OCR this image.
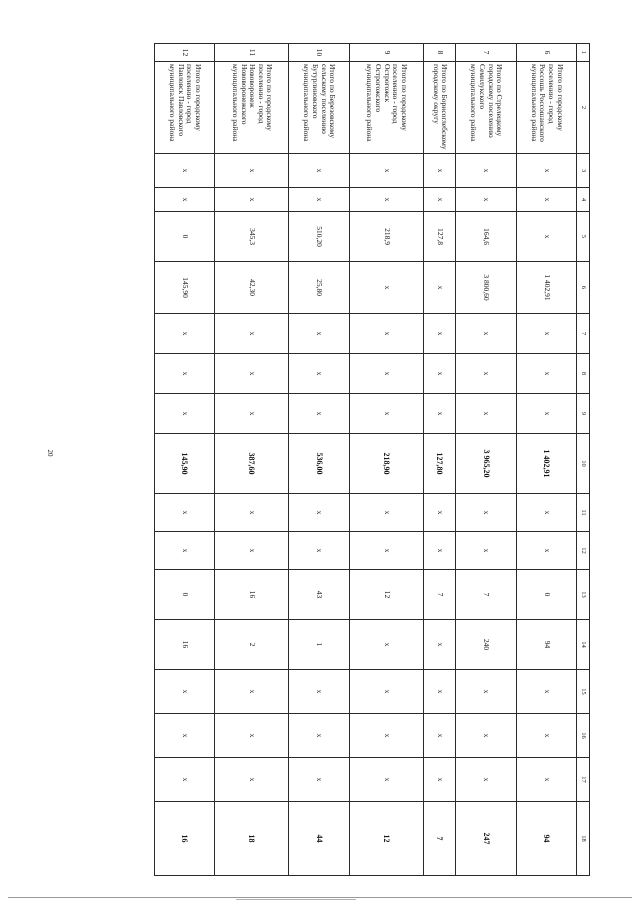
20
1	2	3	4	5	6	7	8	9	10	11	12	13	14	15	16	17	18
6	Итого по городскому поселению - город Россошь Россошанского муниципального района	x	x	x	1 402,91	x	x	x	1 402,91	x	x	0	94	x	x	x	94
7	Итого по Стрелецкому городскому поселению Семилукского муниципального района	x	x	164,6	3 800,60	x	x	x	3 965,20	x	x	7	240	x	x	x	247
8	Итого по Борисоглебскому городскому округу	x	x	127,8	x	x	x	x	127,80	x	x	7	x	x	x	x	7
9	Итого по городскому поселению - город Острогожск Острогожского муниципального района	x	x	218,9	x	x	x	x	218,90	x	x	12	x	x	x	x	12
10	Итого по Березовскому сельскому поселению Бутурлиновского муниципального района	x	x	510,20	25,80	x	x	x	536,00	x	x	43	1	x	x	x	44
11	Итого по городскому поселению - город Нововоронеж Нововоронежского муниципального района	x	x	345,3	42,30	x	x	x	387,60	x	x	16	2	x	x	x	18
12	Итого по городскому поселению - город Павловск Павловского муниципального района	x	x	0	145,90	x	x	x	145,90	x	x	0	16	x	x	x	16
